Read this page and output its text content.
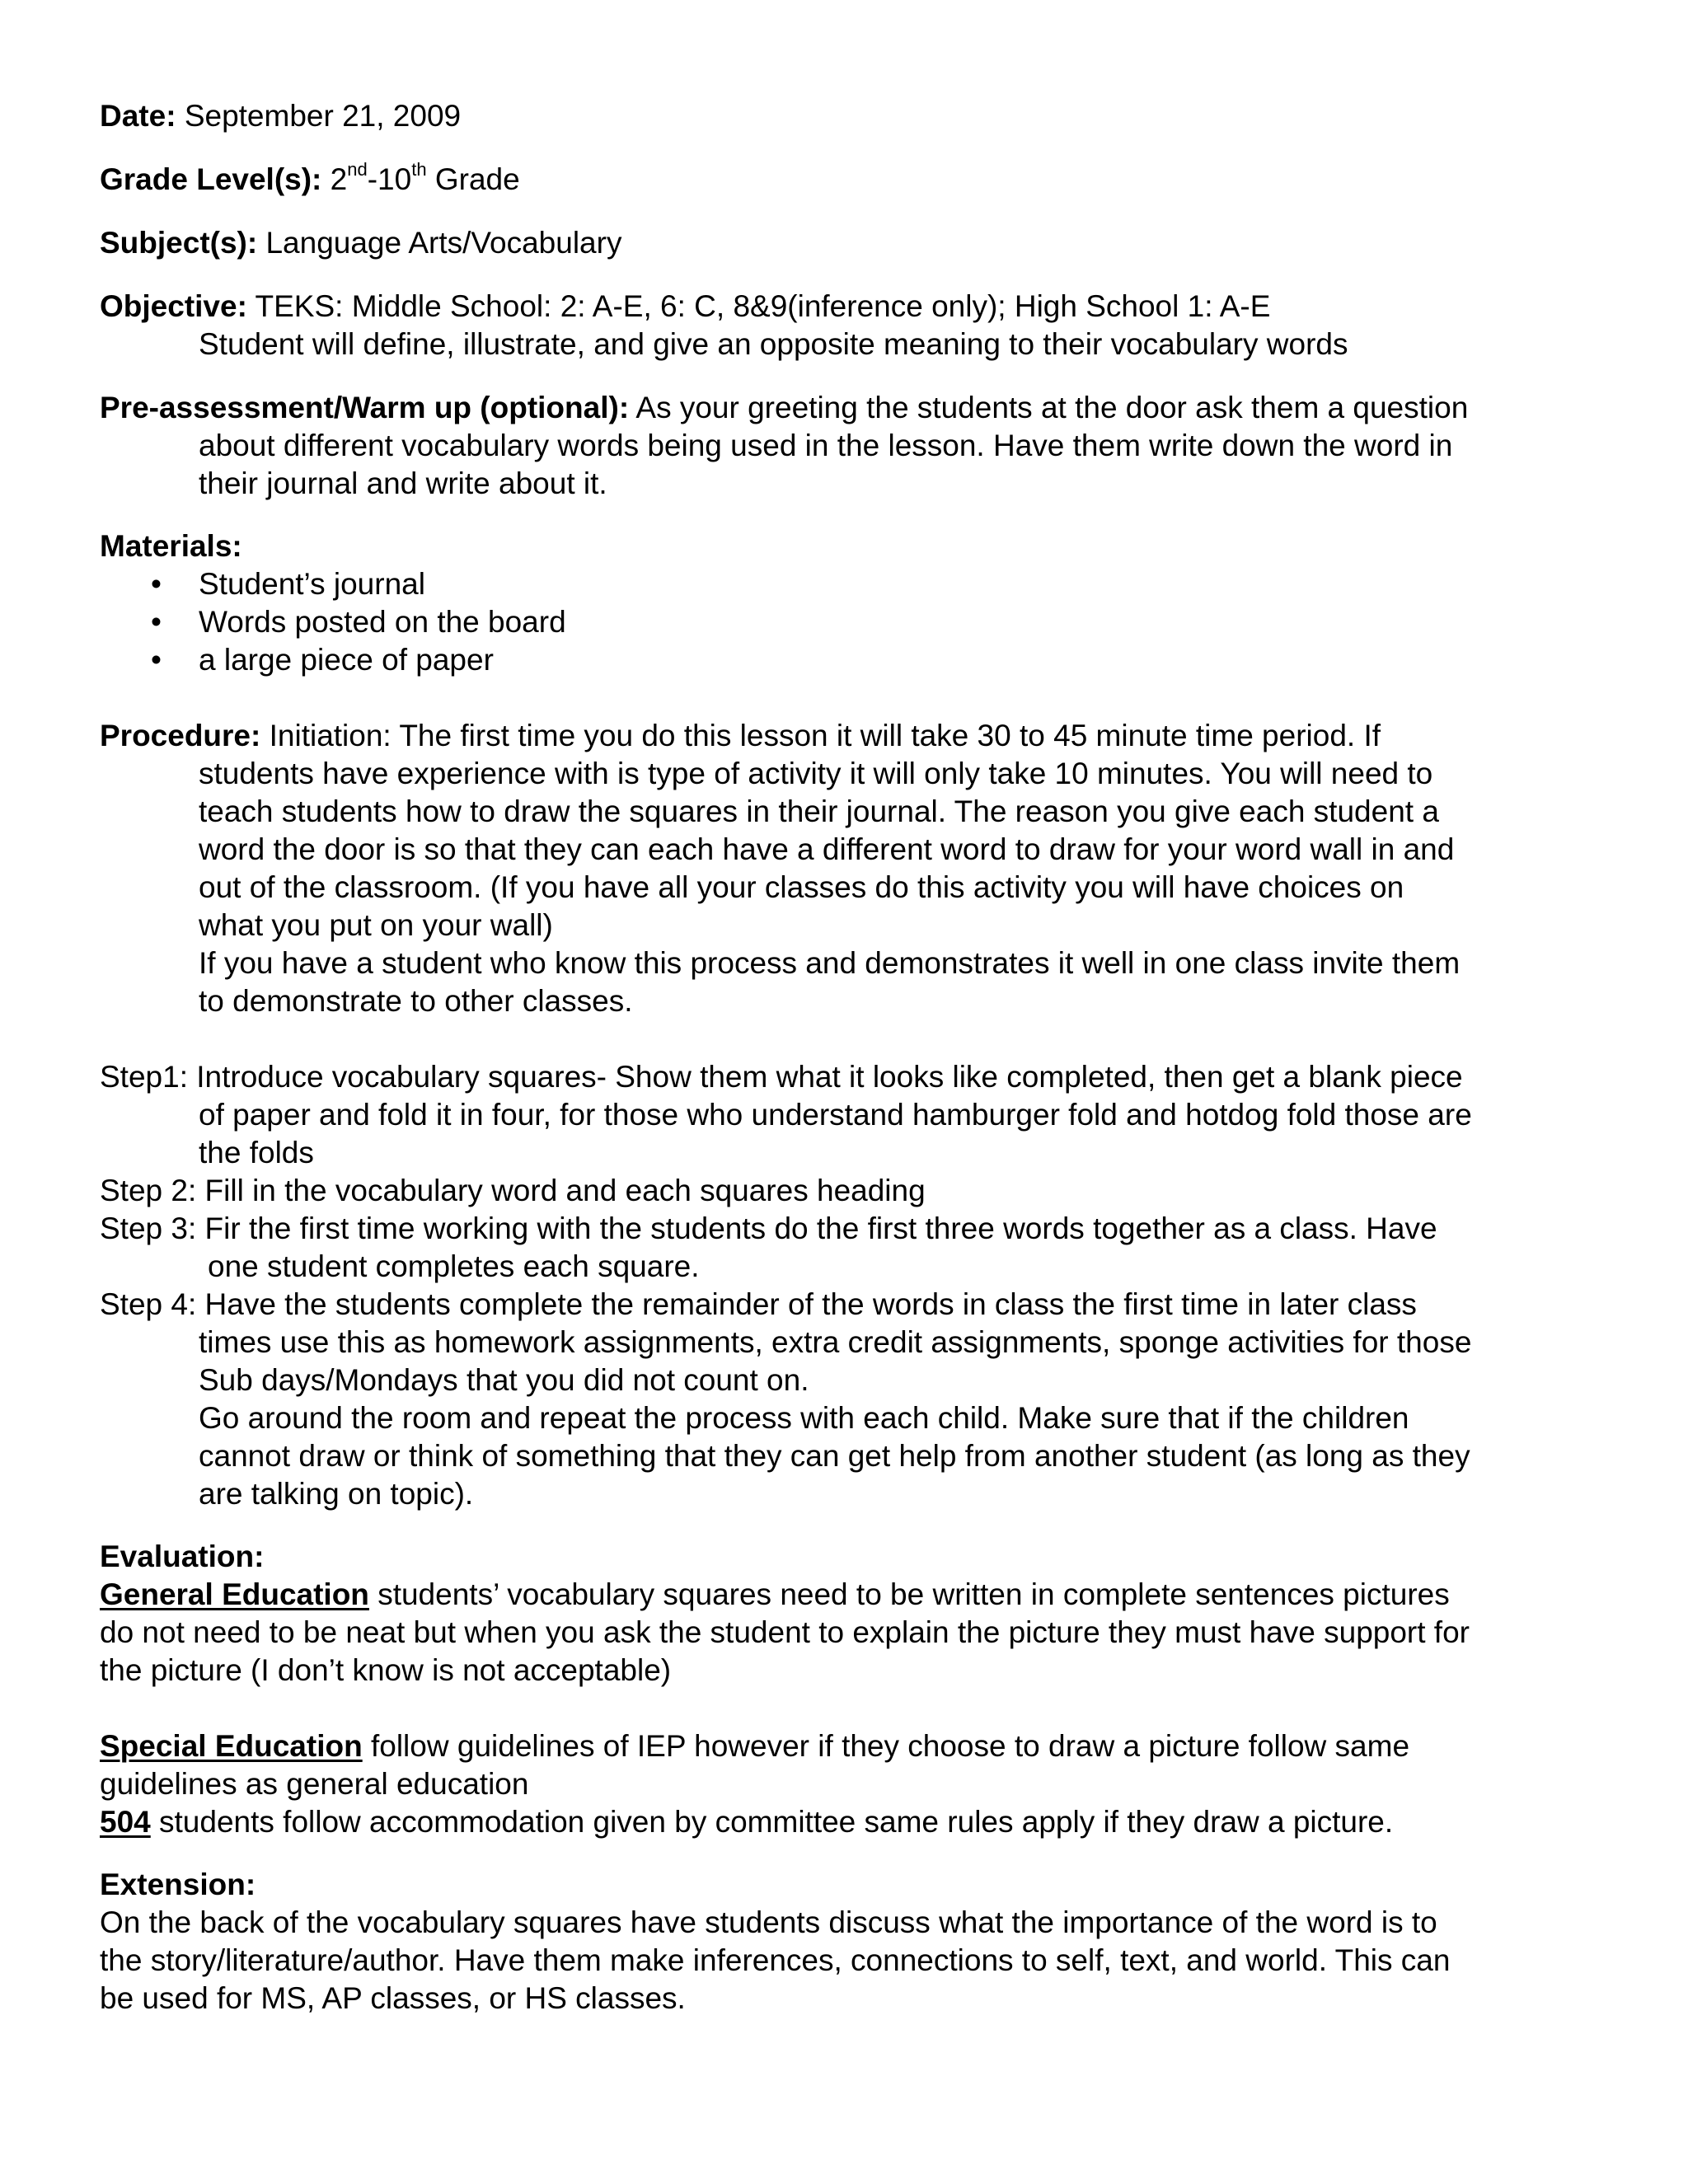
Date: September 21, 2009

Grade Level(s): 2nd-10th Grade

Subject(s): Language Arts/Vocabulary

Objective: TEKS: Middle School: 2: A-E, 6: C, 8&9(inference only); High School 1: A-E

Student will define, illustrate, and give an opposite meaning to their vocabulary words

Pre-assessment/Warm up (optional): As your greeting the students at the door ask them a question

about different vocabulary words being used in the lesson. Have them write down the word in

their journal and write about it.

Materials:

• Student’s journal
• Words posted on the board
• a large piece of paper

Procedure: Initiation: The first time you do this lesson it will take 30 to 45 minute time period. If

students have experience with is type of activity it will only take 10 minutes. You will need to

teach students how to draw the squares in their journal. The reason you give each student a

word the door is so that they can each have a different word to draw for your word wall in and

out of the classroom. (If you have all your classes do this activity you will have choices on

what you put on your wall)

If you have a student who know this process and demonstrates it well in one class invite them

to demonstrate to other classes.

Step1: Introduce vocabulary squares- Show them what it looks like completed, then get a blank piece

of paper and fold it in four, for those who understand hamburger fold and hotdog fold those are

the folds

Step 2: Fill in the vocabulary word and each squares heading

Step 3: Fir the first time working with the students do the first three words together as a class. Have

one student completes each square.

Step 4: Have the students complete the remainder of the words in class the first time in later class

times use this as homework assignments, extra credit assignments, sponge activities for those

Sub days/Mondays that you did not count on.

Go around the room and repeat the process with each child. Make sure that if the children

cannot draw or think of something that they can get help from another student (as long as they

are talking on topic).

Evaluation:

General Education students’ vocabulary squares need to be written in complete sentences pictures

do not need to be neat but when you ask the student to explain the picture they must have support for

the picture (I don’t know is not acceptable)

Special Education follow guidelines of IEP however if they choose to draw a picture follow same

guidelines as general education

504 students follow accommodation given by committee same rules apply if they draw a picture.

Extension:

On the back of the vocabulary squares have students discuss what the importance of the word is to

the story/literature/author. Have them make inferences, connections to self, text, and world. This can

be used for MS, AP classes, or HS classes.
